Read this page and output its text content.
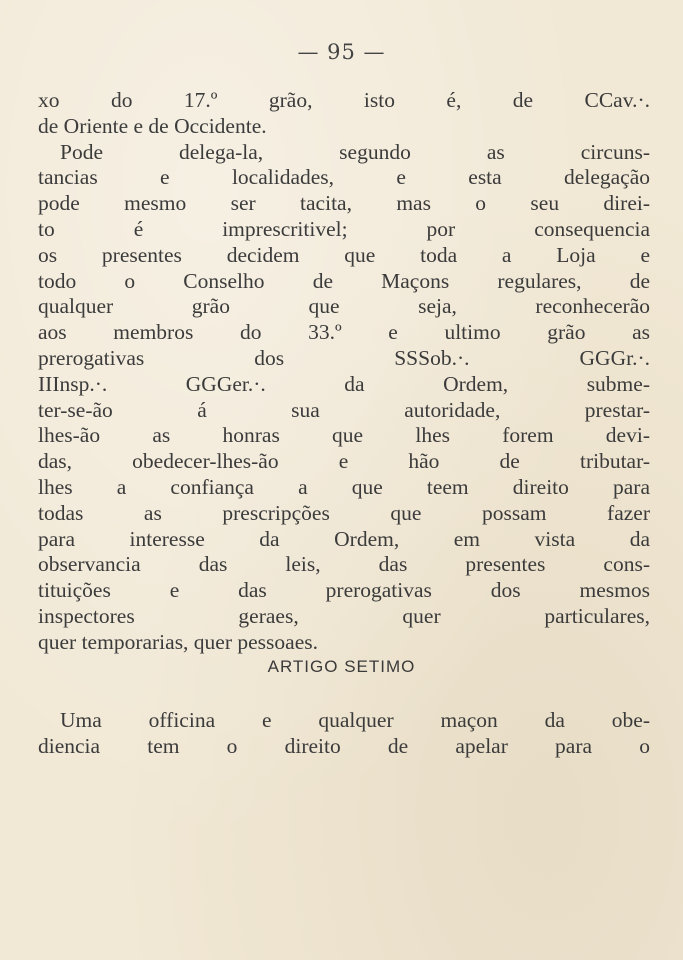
— 95 —
xo do 17.º grão, isto é, de CCav.·.
de Oriente e de Occidente.
Pode delega-la, segundo as circuns-
tancias e localidades, e esta delegação
pode mesmo ser tacita, mas o seu direi-
to é imprescritivel; por consequencia
os presentes decidem que toda a Loja e
todo o Conselho de Maçons regulares, de
qualquer grão que seja, reconhecerão
aos membros do 33.º e ultimo grão as
prerogativas dos SSSob.·. GGGr.·.
IIInsp.·. GGGer.·. da Ordem, subme-
ter-se-ão á sua autoridade, prestar-
lhes-ão as honras que lhes forem devi-
das, obedecer-lhes-ão e hão de tributar-
lhes a confiança a que teem direito para
todas as prescripções que possam fazer
para interesse da Ordem, em vista da
observancia das leis, das presentes cons-
tituições e das prerogativas dos mesmos
inspectores geraes, quer particulares,
quer temporarias, quer pessoaes.
ARTIGO SETIMO
Uma officina e qualquer maçon da obe-
diencia tem o direito de apelar para o
